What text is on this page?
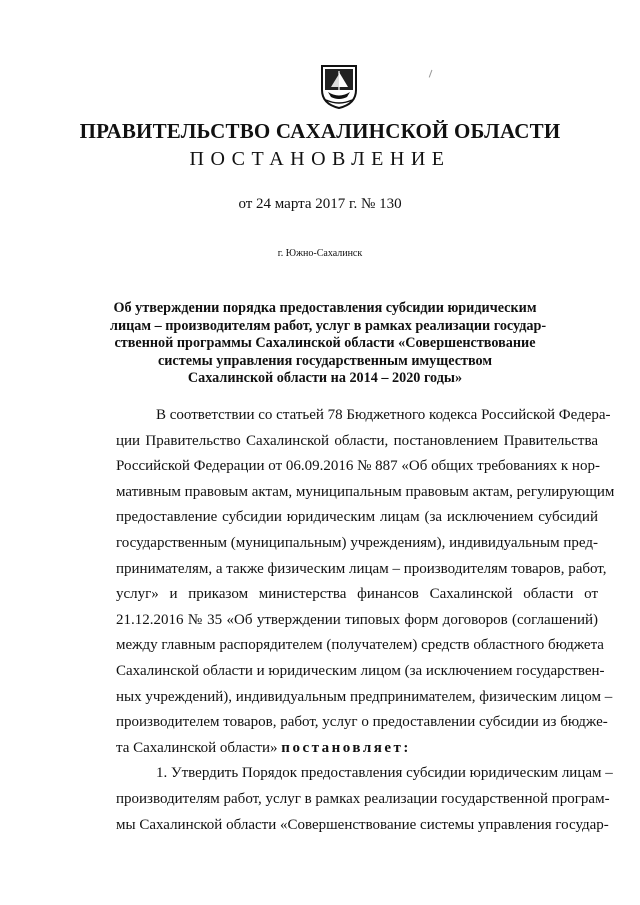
ПРАВИТЕЛЬСТВО САХАЛИНСКОЙ ОБЛАСТИ
ПОСТАНОВЛЕНИЕ
от 24 марта 2017 г. № 130
г. Южно-Сахалинск
Об утверждении порядка предоставления субсидии юридическим
лицам – производителям работ, услуг в рамках реализации государ-
ственной программы Сахалинской области «Совершенствование
системы управления государственным имуществом
Сахалинской области на 2014 – 2020 годы»
В соответствии со статьей 78 Бюджетного кодекса Российской Федера-
ции Правительство Сахалинской области, постановлением Правительства
Российской Федерации от 06.09.2016 № 887 «Об общих требованиях к нор-
мативным правовым актам, муниципальным правовым актам, регулирующим
предоставление субсидии юридическим лицам (за исключением субсидий
государственным (муниципальным) учреждениям), индивидуальным пред-
принимателям, а также физическим лицам – производителям товаров, работ,
услуг» и приказом министерства финансов Сахалинской области от
21.12.2016 № 35 «Об утверждении типовых форм договоров (соглашений)
между главным распорядителем (получателем) средств областного бюджета
Сахалинской области и юридическим лицом (за исключением государствен-
ных учреждений), индивидуальным предпринимателем, физическим лицом –
производителем товаров, работ, услуг о предоставлении субсидии из бюдже-
та Сахалинской области» постановляет:
1. Утвердить Порядок предоставления субсидии юридическим лицам –
производителям работ, услуг в рамках реализации государственной програм-
мы Сахалинской области «Совершенствование системы управления государ-
